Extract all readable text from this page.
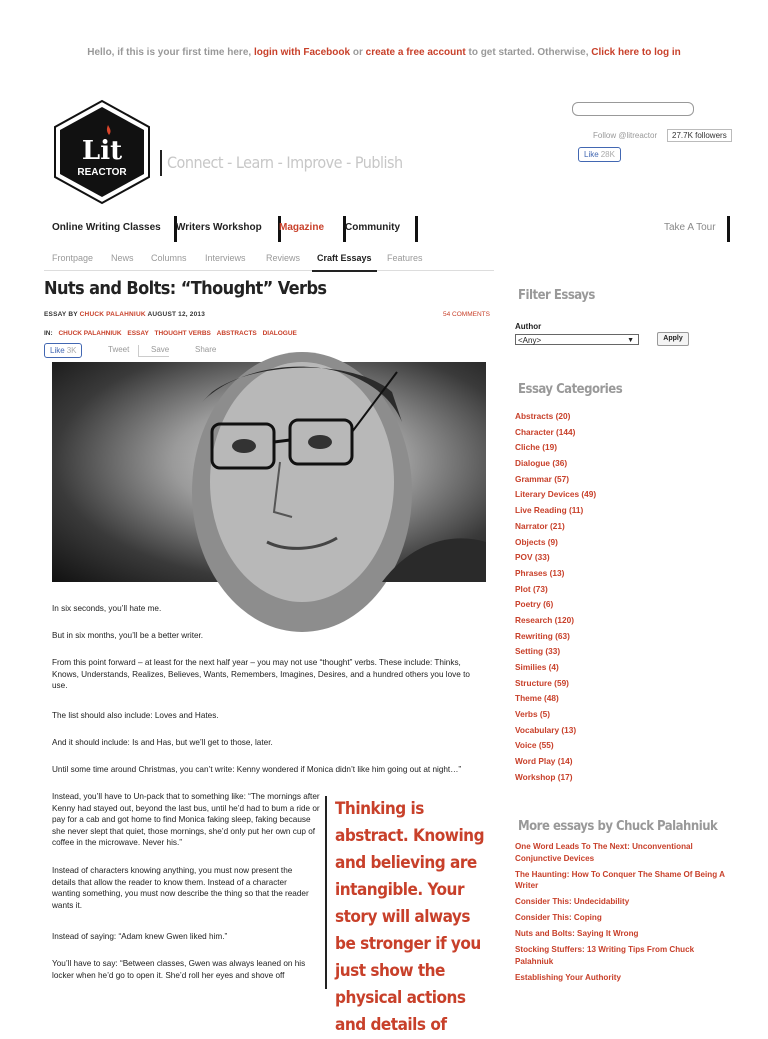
Hello, if this is your first time here, login with Facebook or create a free account to get started. Otherwise, Click here to log in
Lit
REACTOR
Connect - Learn - Improve - Publish
Follow @litreactor	27.7K followers
Like 28K
Online Writing Classes	Writers Workshop	Magazine	Community	Take A Tour
Frontpage News Columns Interviews Reviews	Craft Essays	Features
Nuts and Bolts: “Thought” Verbs
ESSAY BY CHUCK PALAHNIUK AUGUST 12, 2013	54 COMMENTS
IN: CHUCK PALAHNIUK ESSAY THOUGHT VERBS ABSTRACTS DIALOGUE
Like 3K	Tweet	Save	Share
In six seconds, you’ll hate me.
But in six months, you’ll be a better writer.
From this point forward – at least for the next half year – you may not use “thought” verbs. These include: Thinks, Knows, Understands, Realizes, Believes, Wants, Remembers, Imagines, Desires, and a hundred others you love to use.
The list should also include: Loves and Hates.
And it should include: Is and Has, but we’ll get to those, later.
Until some time around Christmas, you can’t write: Kenny wondered if Monica didn’t like him going out at night…”
Instead, you’ll have to Un-pack that to something like: “The mornings after Kenny had stayed out, beyond the last bus, until he’d had to bum a ride or pay for a cab and got home to find Monica faking sleep, faking because she never slept that quiet, those mornings, she’d only put her own cup of coffee in the microwave. Never his.”
Instead of characters knowing anything, you must now present the details that allow the reader to know them. Instead of a character wanting something, you must now describe the thing so that the reader wants it.
Instead of saying: “Adam knew Gwen liked him.”
You’ll have to say: “Between classes, Gwen was always leaned on his locker when he’d go to open it. She’d roll her eyes and shove off
Thinking is abstract. Knowing and believing are intangible. Your story will always be stronger if you just show the physical actions and details of
Filter Essays
Author
<Any>	▼	Apply
Essay Categories
Abstracts (20)
Character (144)
Cliche (19)
Dialogue (36)
Grammar (57)
Literary Devices (49)
Live Reading (11)
Narrator (21)
Objects (9)
POV (33)
Phrases (13)
Plot (73)
Poetry (6)
Research (120)
Rewriting (63)
Setting (33)
Similies (4)
Structure (59)
Theme (48)
Verbs (5)
Vocabulary (13)
Voice (55)
Word Play (14)
Workshop (17)
More essays by Chuck Palahniuk
One Word Leads To The Next: Unconventional Conjunctive Devices
The Haunting: How To Conquer The Shame Of Being A Writer
Consider This: Undecidability
Consider This: Coping
Nuts and Bolts: Saying It Wrong
Stocking Stuffers: 13 Writing Tips From Chuck Palahniuk
Establishing Your Authority
